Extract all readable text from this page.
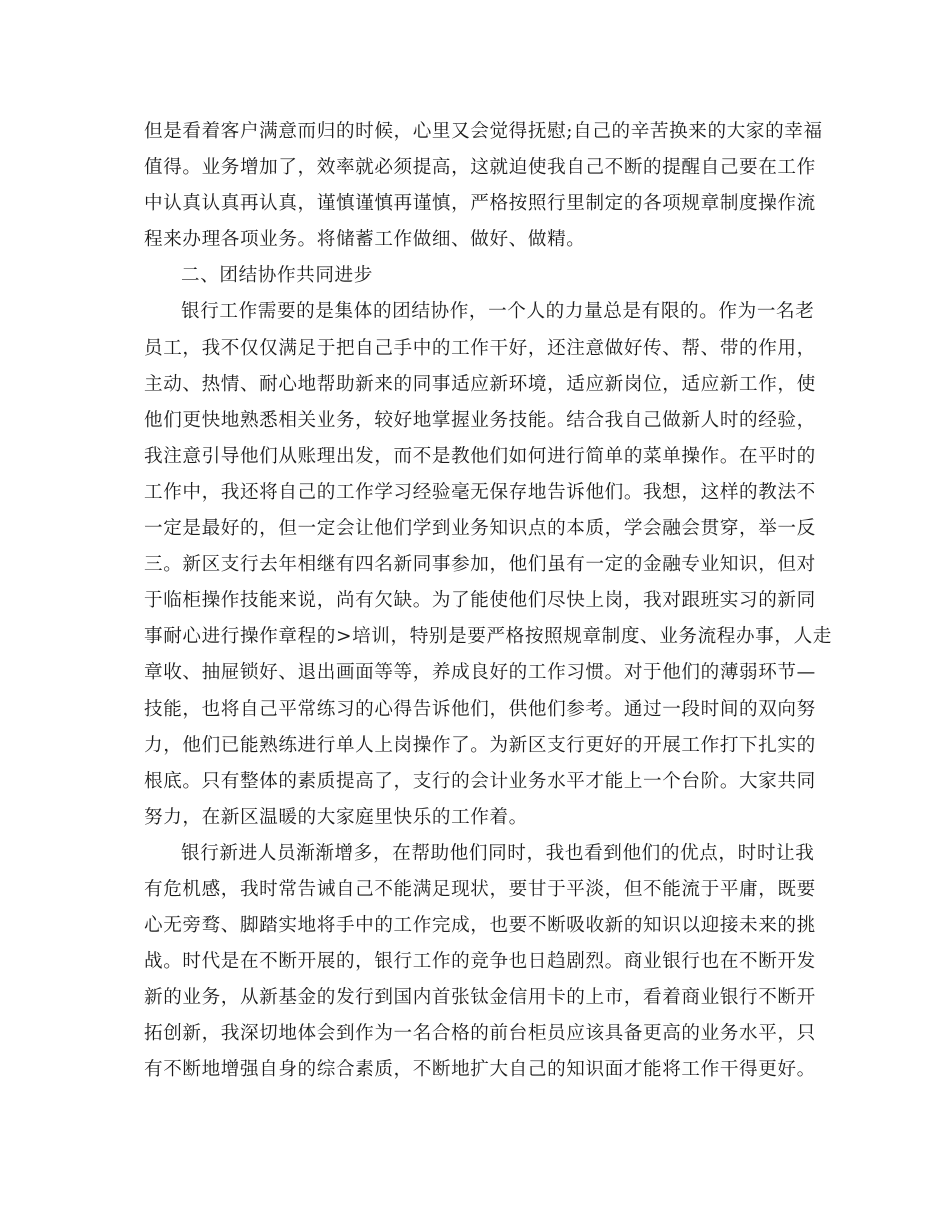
但是看着客户满意而归的时候，心里又会觉得抚慰;自己的辛苦换来的大家的幸福
值得。业务增加了，效率就必须提高，这就迫使我自己不断的提醒自己要在工作
中认真认真再认真，谨慎谨慎再谨慎，严格按照行里制定的各项规章制度操作流
程来办理各项业务。将储蓄工作做细、做好、做精。
二、团结协作共同进步
银行工作需要的是集体的团结协作，一个人的力量总是有限的。作为一名老
员工，我不仅仅满足于把自己手中的工作干好，还注意做好传、帮、带的作用，
主动、热情、耐心地帮助新来的同事适应新环境，适应新岗位，适应新工作，使
他们更快地熟悉相关业务，较好地掌握业务技能。结合我自己做新人时的经验，
我注意引导他们从账理出发，而不是教他们如何进行简单的菜单操作。在平时的
工作中，我还将自己的工作学习经验毫无保存地告诉他们。我想，这样的教法不
一定是最好的，但一定会让他们学到业务知识点的本质，学会融会贯穿，举一反
三。新区支行去年相继有四名新同事参加，他们虽有一定的金融专业知识，但对
于临柜操作技能来说，尚有欠缺。为了能使他们尽快上岗，我对跟班实习的新同
事耐心进行操作章程的>培训，特别是要严格按照规章制度、业务流程办事，人走
章收、抽屉锁好、退出画面等等，养成良好的工作习惯。对于他们的薄弱环节—
技能，也将自己平常练习的心得告诉他们，供他们参考。通过一段时间的双向努
力，他们已能熟练进行单人上岗操作了。为新区支行更好的开展工作打下扎实的
根底。只有整体的素质提高了，支行的会计业务水平才能上一个台阶。大家共同
努力，在新区温暖的大家庭里快乐的工作着。
银行新进人员渐渐增多，在帮助他们同时，我也看到他们的优点，时时让我
有危机感，我时常告诫自己不能满足现状，要甘于平淡，但不能流于平庸，既要
心无旁骛、脚踏实地将手中的工作完成，也要不断吸收新的知识以迎接未来的挑
战。时代是在不断开展的，银行工作的竞争也日趋剧烈。商业银行也在不断开发
新的业务，从新基金的发行到国内首张钛金信用卡的上市，看着商业银行不断开
拓创新，我深切地体会到作为一名合格的前台柜员应该具备更高的业务水平，只
有不断地增强自身的综合素质，不断地扩大自己的知识面才能将工作干得更好。
